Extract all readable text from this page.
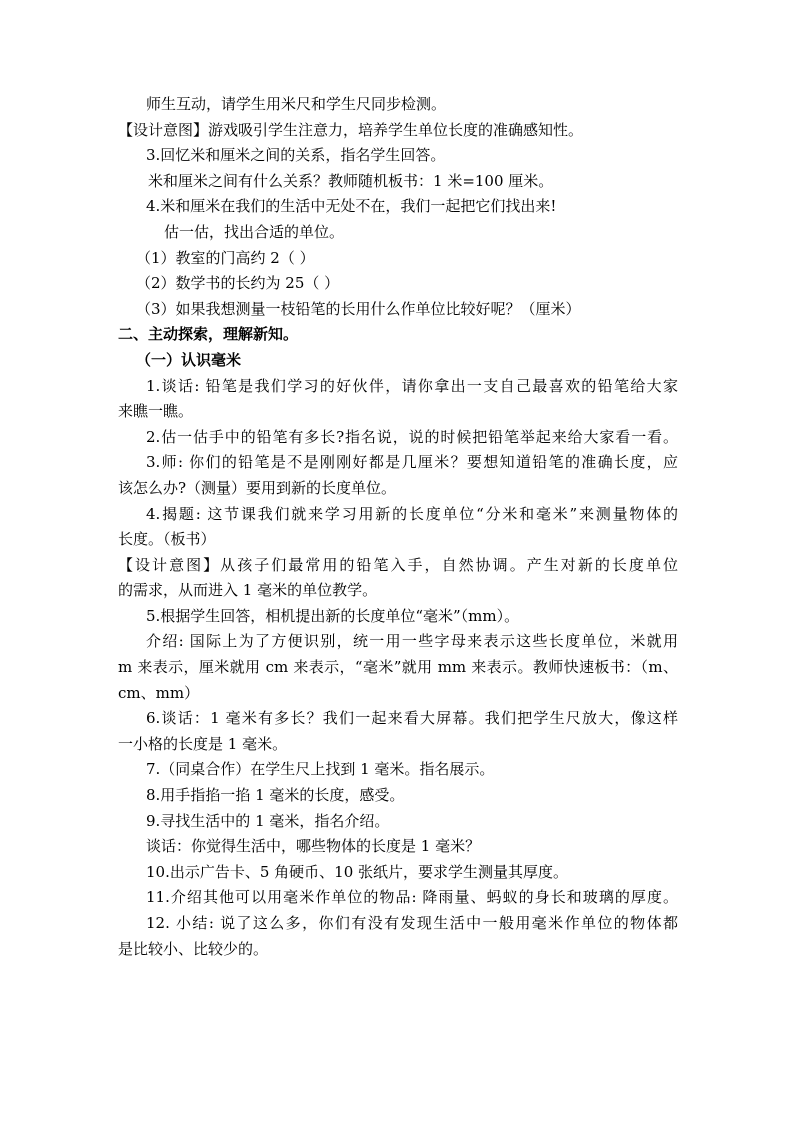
师生互动，请学生用米尺和学生尺同步检测。
【设计意图】游戏吸引学生注意力，培养学生单位长度的准确感知性。
3.回忆米和厘米之间的关系，指名学生回答。
米和厘米之间有什么关系？教师随机板书：1 米=100 厘米。
4.米和厘米在我们的生活中无处不在，我们一起把它们找出来!
估一估，找出合适的单位。
（1）教室的门高约 2（ ）
（2）数学书的长约为 25（ ）
（3）如果我想测量一枝铅笔的长用什么作单位比较好呢？（厘米）
二、主动探索，理解新知。
（一）认识毫米
1.谈话: 铅笔是我们学习的好伙伴，请你拿出一支自己最喜欢的铅笔给大家
来瞧一瞧。
2.估一估手中的铅笔有多长?指名说，说的时候把铅笔举起来给大家看一看。
3.师: 你们的铅笔是不是刚刚好都是几厘米？要想知道铅笔的准确长度，应
该怎么办?（测量）要用到新的长度单位。
4.揭题: 这节课我们就来学习用新的长度单位“分米和毫米”来测量物体的
长度。（板书）
【设计意图】从孩子们最常用的铅笔入手，自然协调。产生对新的长度单位
的需求，从而进入 1 毫米的单位教学。
5.根据学生回答，相机提出新的长度单位“毫米”（mm）。
介绍: 国际上为了方便识别，统一用一些字母来表示这些长度单位，米就用
m 来表示，厘米就用 cm 来表示，“毫米”就用 mm 来表示。教师快速板书：（m、
cm、mm）
6.谈话：1 毫米有多长？我们一起来看大屏幕。我们把学生尺放大，像这样
一小格的长度是 1 毫米。
7.（同桌合作）在学生尺上找到 1 毫米。指名展示。
8.用手指掐一掐 1 毫米的长度，感受。
9.寻找生活中的 1 毫米，指名介绍。
谈话：你觉得生活中，哪些物体的长度是 1 毫米？
10.出示广告卡、5 角硬币、10 张纸片，要求学生测量其厚度。
11.介绍其他可以用毫米作单位的物品: 降雨量、蚂蚁的身长和玻璃的厚度。
12. 小结: 说了这么多，你们有没有发现生活中一般用毫米作单位的物体都
是比较小、比较少的。
